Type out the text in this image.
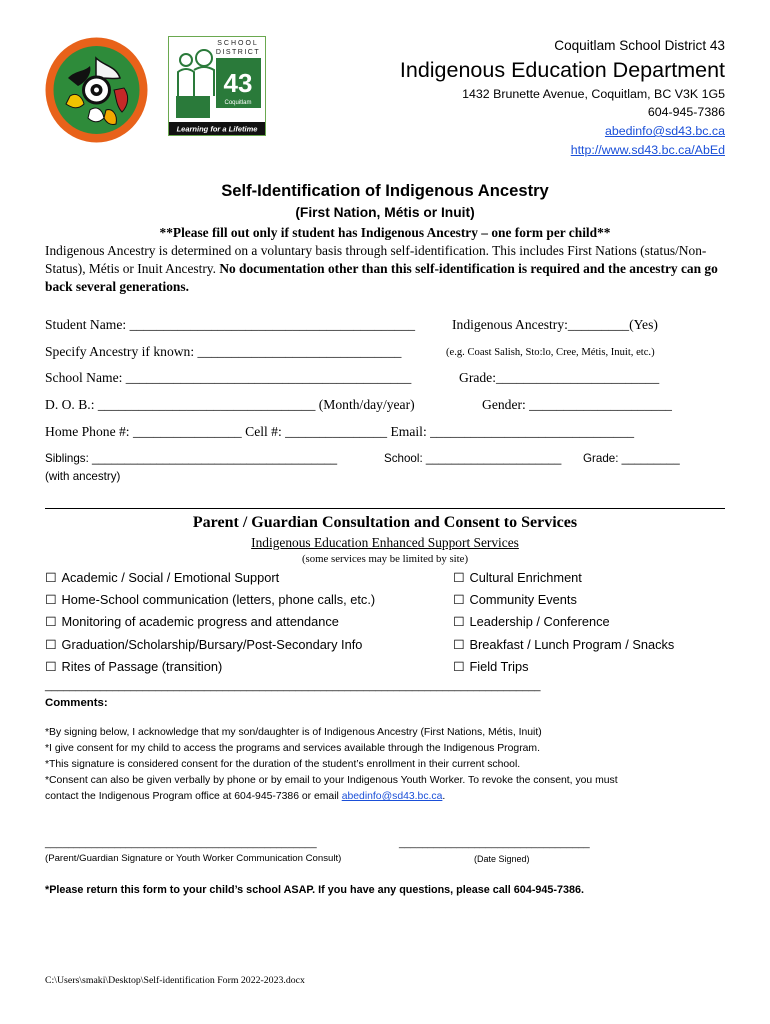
43
Coquitlam
SCHOOL
DISTRICT
Learning for a Lifetime
Coquitlam School District 43
Indigenous Education Department
1432 Brunette Avenue, Coquitlam, BC V3K 1G5
604-945-7386
abedinfo@sd43.bc.ca
http://www.sd43.bc.ca/AbEd
Self-Identification of Indigenous Ancestry
(First Nation, Métis or Inuit)
**Please fill out only if student has Indigenous Ancestry – one form per child**
Indigenous Ancestry is determined on a voluntary basis through self-identification. This includes First Nations (status/Non-Status), Métis or Inuit Ancestry. No documentation other than this self-identification is required and the ancestry can go back several generations.
Student Name: __________________________________________	Indigenous Ancestry:_________(Yes)
Specify Ancestry if known: ______________________________	(e.g. Coast Salish, Sto:lo, Cree, Métis, Inuit, etc.)
School Name: __________________________________________	Grade:________________________
D. O. B.: ________________________________ (Month/day/year)	Gender: _____________________
Home Phone #: ________________ Cell #: _______________ Email: ______________________________
Siblings: ______________________________________	School: _____________________ Grade: _________
(with ancestry)
Parent / Guardian Consultation and Consent to Services
Indigenous Education Enhanced Support Services
(some services may be limited by site)
_________________________________________________________________________________
Comments:
*By signing below, I acknowledge that my son/daughter is of Indigenous Ancestry (First Nations, Métis, Inuit)
*I give consent for my child to access the programs and services available through the Indigenous Program.
*This signature is considered consent for the duration of the student’s enrollment in their current school.
*Consent can also be given verbally by phone or by email to your Indigenous Youth Worker. To revoke the consent, you must
contact the Indigenous Program office at 604-945-7386 or email abedinfo@sd43.bc.ca.
_______________________________________________	_________________________________
(Parent/Guardian Signature or Youth Worker Communication Consult)	(Date Signed)
*Please return this form to your child’s school ASAP. If you have any questions, please call 604-945-7386.
C:\Users\smaki\Desktop\Self-identification Form 2022-2023.docx
☐ Academic / Social / Emotional Support
☐ Home-School communication (letters, phone calls, etc.)
☐ Monitoring of academic progress and attendance
☐ Graduation/Scholarship/Bursary/Post-Secondary Info
☐ Rites of Passage (transition)
☐ Cultural Enrichment
☐ Community Events
☐ Leadership / Conference
☐ Breakfast / Lunch Program / Snacks
☐ Field Trips
